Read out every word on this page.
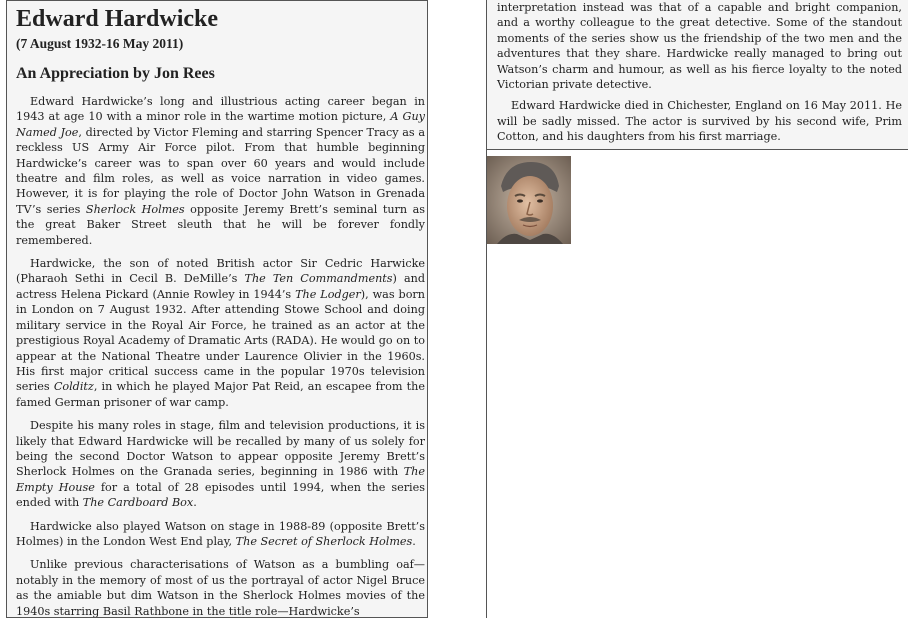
Edward Hardwicke
(7 August 1932-16 May 2011)
An Appreciation by Jon Rees

Edward Hardwicke’s long and illustrious acting career began in 1943 at age 10 with a minor role in the wartime motion picture, A Guy Named Joe, directed by Victor Fleming and starring Spencer Tracy as a reckless US Army Air Force pilot. From that humble beginning Hardwicke’s career was to span over 60 years and would include theatre and film roles, as well as voice narration in video games. However, it is for playing the role of Doctor John Watson in Grenada TV’s series Sherlock Holmes opposite Jeremy Brett’s seminal turn as the great Baker Street sleuth that he will be forever fondly remembered.

Hardwicke, the son of noted British actor Sir Cedric Harwicke (Pharaoh Sethi in Cecil B. DeMille’s The Ten Commandments) and actress Helena Pickard (Annie Rowley in 1944’s The Lodger), was born in London on 7 August 1932. After attending Stowe School and doing military service in the Royal Air Force, he trained as an actor at the prestigious Royal Academy of Dramatic Arts (RADA). He would go on to appear at the National Theatre under Laurence Olivier in the 1960s. His first major critical success came in the popular 1970s television series Colditz, in which he played Major Pat Reid, an escapee from the famed German prisoner of war camp.

Despite his many roles in stage, film and television productions, it is likely that Edward Hardwicke will be recalled by many of us solely for being the second Doctor Watson to appear opposite Jeremy Brett’s Sherlock Holmes on the Granada series, beginning in 1986 with The Empty House for a total of 28 episodes until 1994, when the series ended with The Cardboard Box.

Hardwicke also played Watson on stage in 1988-89 (opposite Brett’s Holmes) in the London West End play, The Secret of Sherlock Holmes.

Unlike previous characterisations of Watson as a bumbling oaf—notably in the memory of most of us the portrayal of actor Nigel Bruce as the amiable but dim Watson in the Sherlock Holmes movies of the 1940s starring Basil Rathbone in the title role—Hardwicke’s

interpretation instead was that of a capable and bright companion, and a worthy colleague to the great detective. Some of the standout moments of the series show us the friendship of the two men and the adventures that they share. Hardwicke really managed to bring out Watson’s charm and humour, as well as his fierce loyalty to the noted Victorian private detective.

Edward Hardwicke died in Chichester, England on 16 May 2011. He will be sadly missed. The actor is survived by his second wife, Prim Cotton, and his daughters from his first marriage.
